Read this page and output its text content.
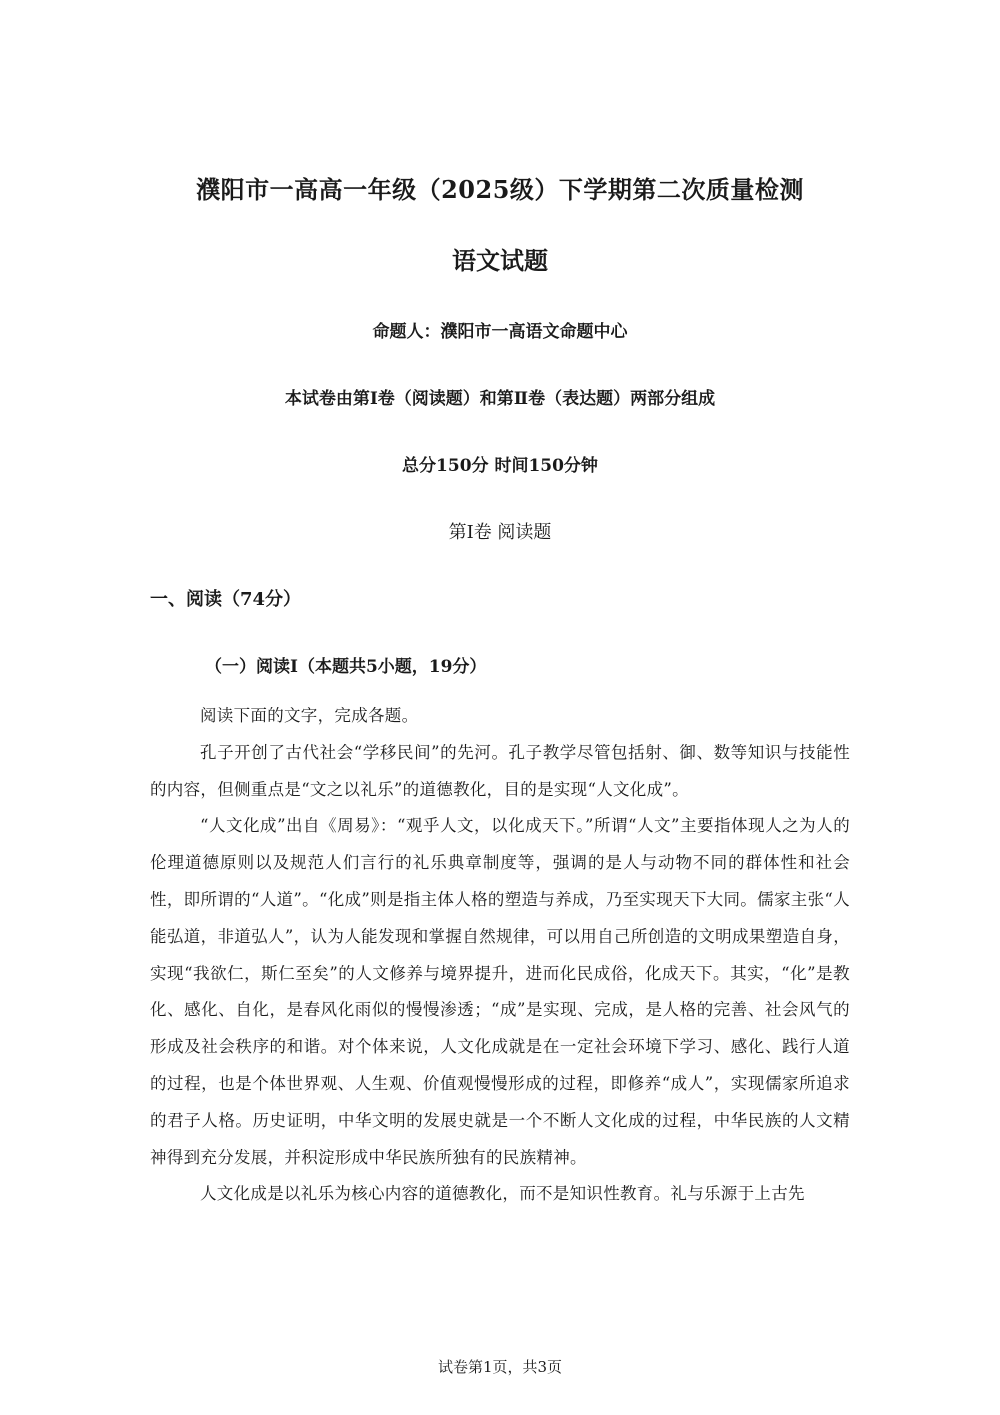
濮阳市一高高一年级（2025级）下学期第二次质量检测
语文试题
命题人：濮阳市一高语文命题中心
本试卷由第Ⅰ卷（阅读题）和第Ⅱ卷（表达题）两部分组成
总分150分 时间150分钟
第Ⅰ卷 阅读题
一、阅读（74分）
（一）阅读Ⅰ（本题共5小题，19分）

阅读下面的文字，完成各题。

孔子开创了古代社会“学移民间”的先河。孔子教学尽管包括射、御、数等知识与技能性的内容，但侧重点是“文之以礼乐”的道德教化，目的是实现“人文化成”。

“人文化成”出自《周易》：“观乎人文，以化成天下。”所谓“人文”主要指体现人之为人的伦理道德原则以及规范人们言行的礼乐典章制度等，强调的是人与动物不同的群体性和社会性，即所谓的“人道”。“化成”则是指主体人格的塑造与养成，乃至实现天下大同。儒家主张“人能弘道，非道弘人”，认为人能发现和掌握自然规律，可以用自己所创造的文明成果塑造自身，实现“我欲仁，斯仁至矣”的人文修养与境界提升，进而化民成俗，化成天下。其实，“化”是教化、感化、自化，是春风化雨似的慢慢渗透；“成”是实现、完成，是人格的完善、社会风气的形成及社会秩序的和谐。对个体来说，人文化成就是在一定社会环境下学习、感化、践行人道的过程，也是个体世界观、人生观、价值观慢慢形成的过程，即修养“成人”，实现儒家所追求的君子人格。历史证明，中华文明的发展史就是一个不断人文化成的过程，中华民族的人文精神得到充分发展，并积淀形成中华民族所独有的民族精神。

人文化成是以礼乐为核心内容的道德教化，而不是知识性教育。礼与乐源于上古先

试卷第1页，共3页
